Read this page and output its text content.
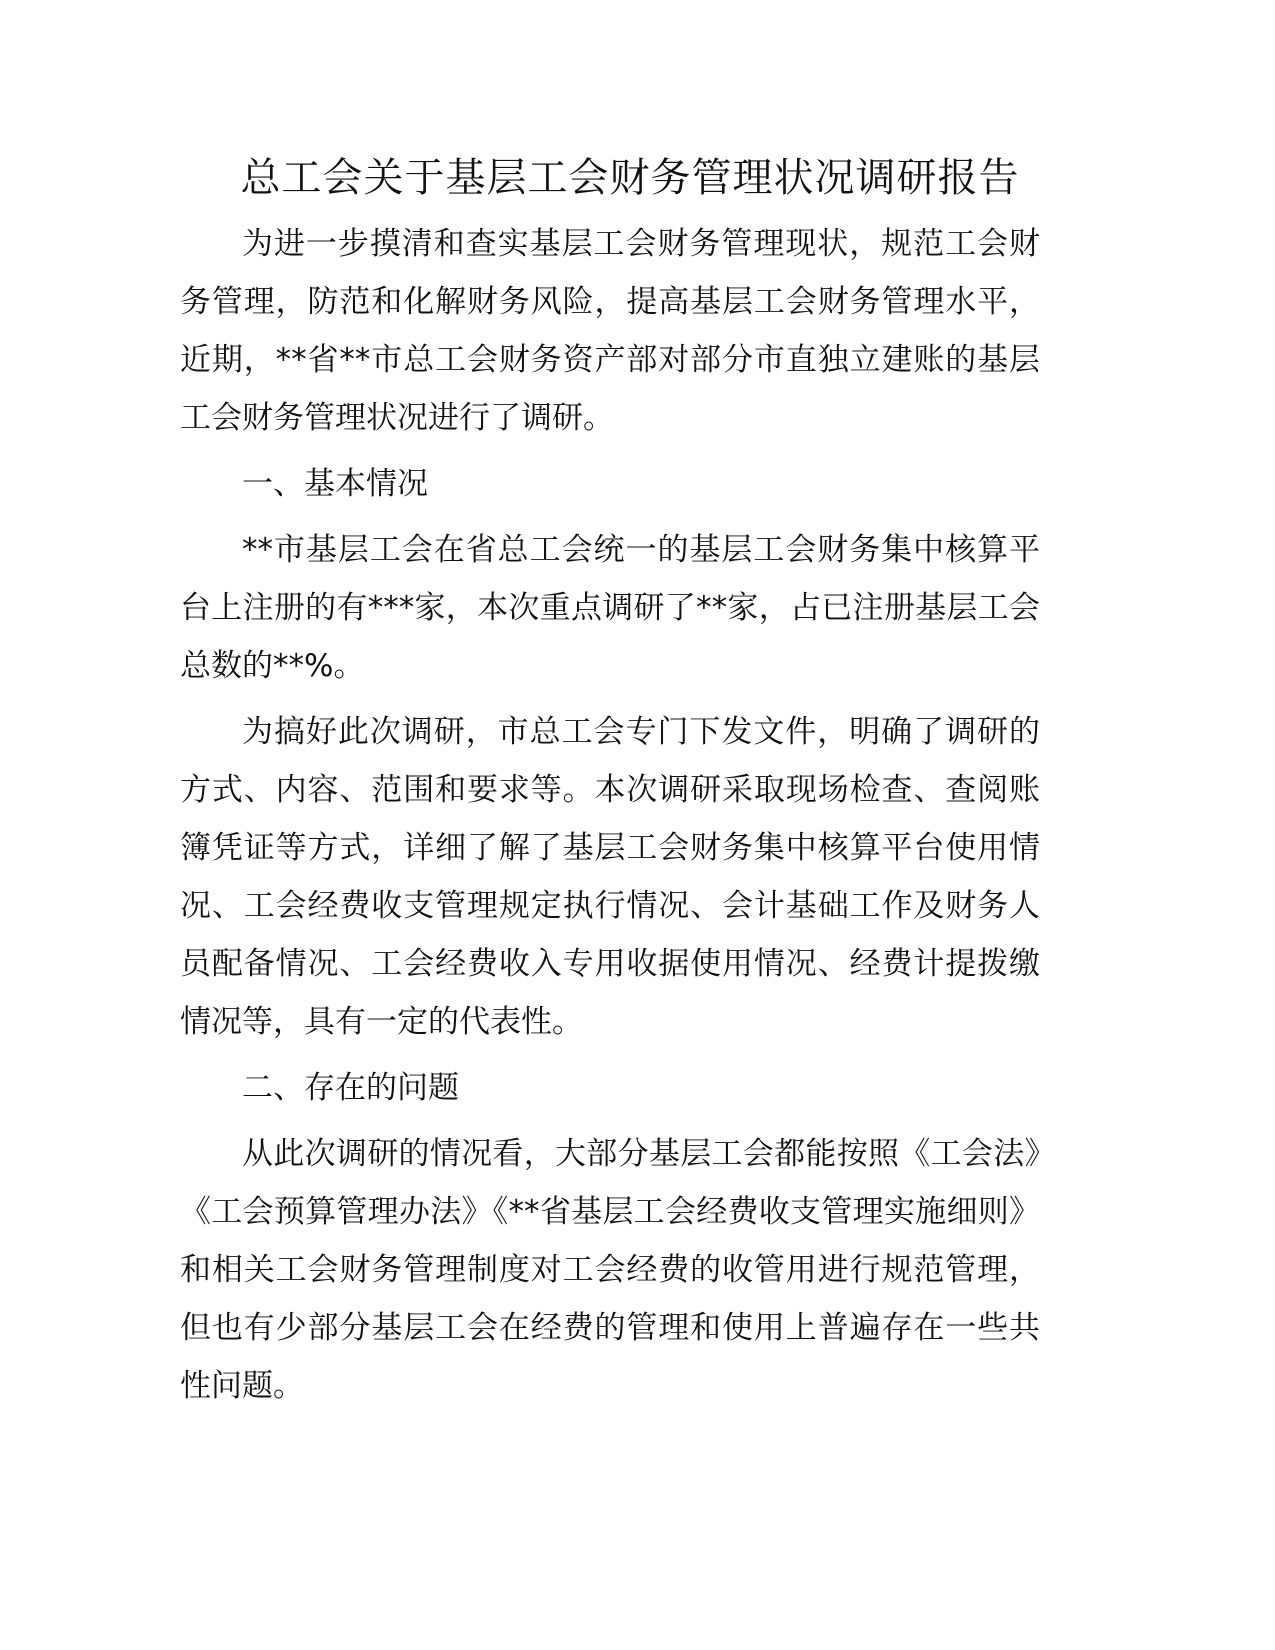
总工会关于基层工会财务管理状况调研报告

为进一步摸清和查实基层工会财务管理现状，规范工会财务管理，防范和化解财务风险，提高基层工会财务管理水平，近期，**省**市总工会财务资产部对部分市直独立建账的基层工会财务管理状况进行了调研。

一、基本情况

**市基层工会在省总工会统一的基层工会财务集中核算平台上注册的有***家，本次重点调研了**家，占已注册基层工会总数的**%。

为搞好此次调研，市总工会专门下发文件，明确了调研的方式、内容、范围和要求等。本次调研采取现场检查、查阅账簿凭证等方式，详细了解了基层工会财务集中核算平台使用情况、工会经费收支管理规定执行情况、会计基础工作及财务人员配备情况、工会经费收入专用收据使用情况、经费计提拨缴情况等，具有一定的代表性。

二、存在的问题

从此次调研的情况看，大部分基层工会都能按照《工会法》《工会预算管理办法》《**省基层工会经费收支管理实施细则》和相关工会财务管理制度对工会经费的收管用进行规范管理，但也有少部分基层工会在经费的管理和使用上普遍存在一些共性问题。
